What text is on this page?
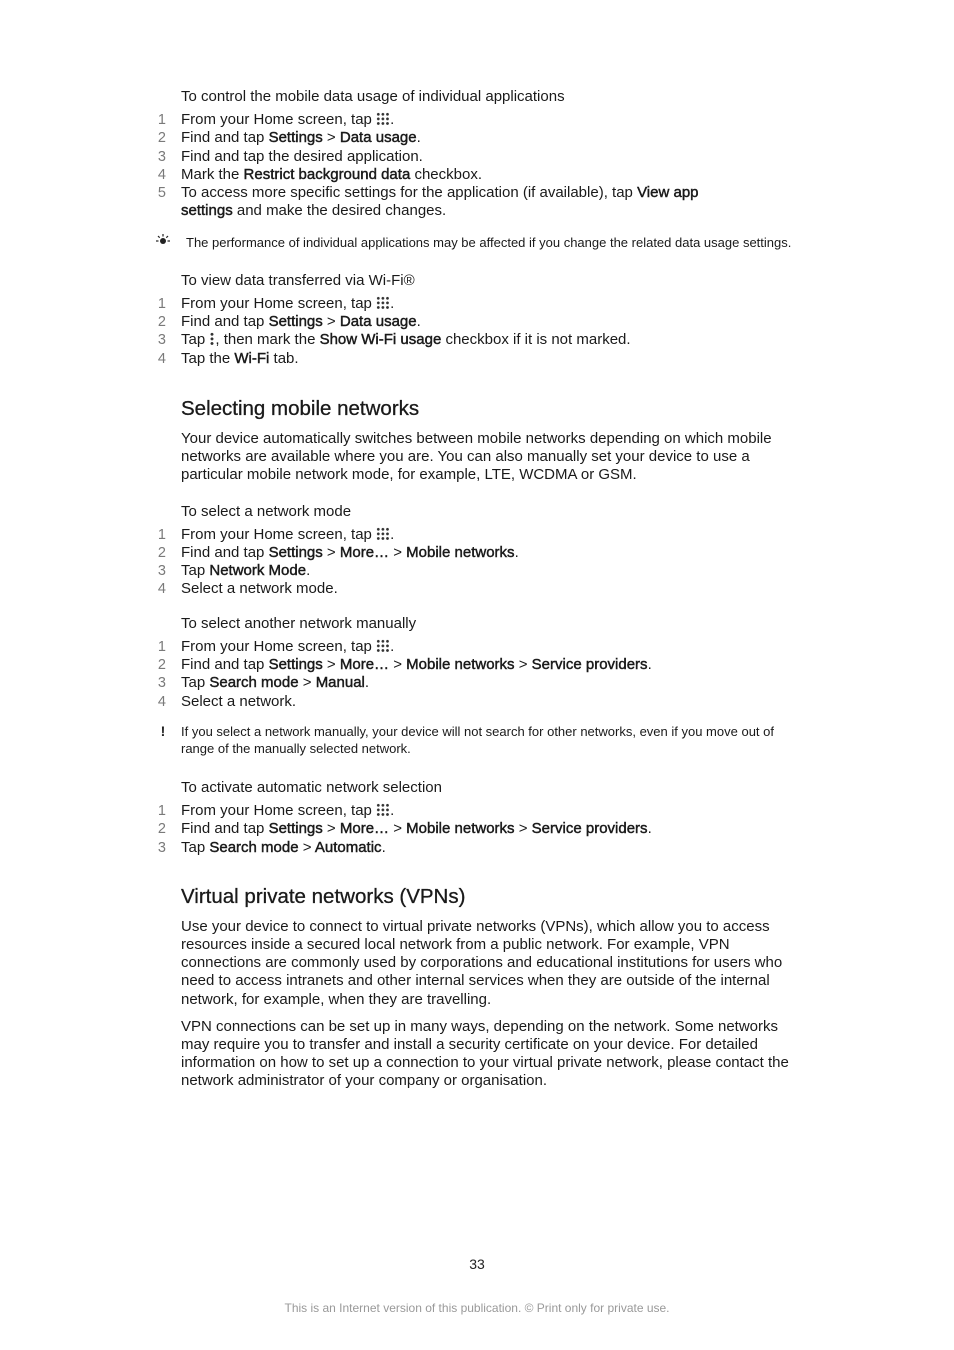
To control the mobile data usage of individual applications
1 From your Home screen, tap .
2 Find and tap Settings > Data usage.
3 Find and tap the desired application.
4 Mark the Restrict background data checkbox.
5 To access more specific settings for the application (if available), tap View app
settings and make the desired changes.
The performance of individual applications may be affected if you change the related data usage settings.
To view data transferred via Wi-Fi®
1 From your Home screen, tap .
2 Find and tap Settings > Data usage.
3 Tap , then mark the Show Wi-Fi usage checkbox if it is not marked.
4 Tap the Wi-Fi tab.
Selecting mobile networks

Your device automatically switches between mobile networks depending on which mobile networks are available where you are. You can also manually set your device to use a particular mobile network mode, for example, LTE, WCDMA or GSM.

To select a network mode
1 From your Home screen, tap .
2 Find and tap Settings > More… > Mobile networks.
3 Tap Network Mode.
4 Select a network mode.
To select another network manually
1 From your Home screen, tap .
2 Find and tap Settings > More… > Mobile networks > Service providers.
3 Tap Search mode > Manual.
4 Select a network.
!	If you select a network manually, your device will not search for other networks, even if you move out of range of the manually selected network.
To activate automatic network selection
1 From your Home screen, tap .
2 Find and tap Settings > More… > Mobile networks > Service providers.
3 Tap Search mode > Automatic.
Virtual private networks (VPNs)

Use your device to connect to virtual private networks (VPNs), which allow you to access resources inside a secured local network from a public network. For example, VPN connections are commonly used by corporations and educational institutions for users who need to access intranets and other internal services when they are outside of the internal network, for example, when they are travelling.

VPN connections can be set up in many ways, depending on the network. Some networks may require you to transfer and install a security certificate on your device. For detailed information on how to set up a connection to your virtual private network, please contact the network administrator of your company or organisation.

33
This is an Internet version of this publication. © Print only for private use.
